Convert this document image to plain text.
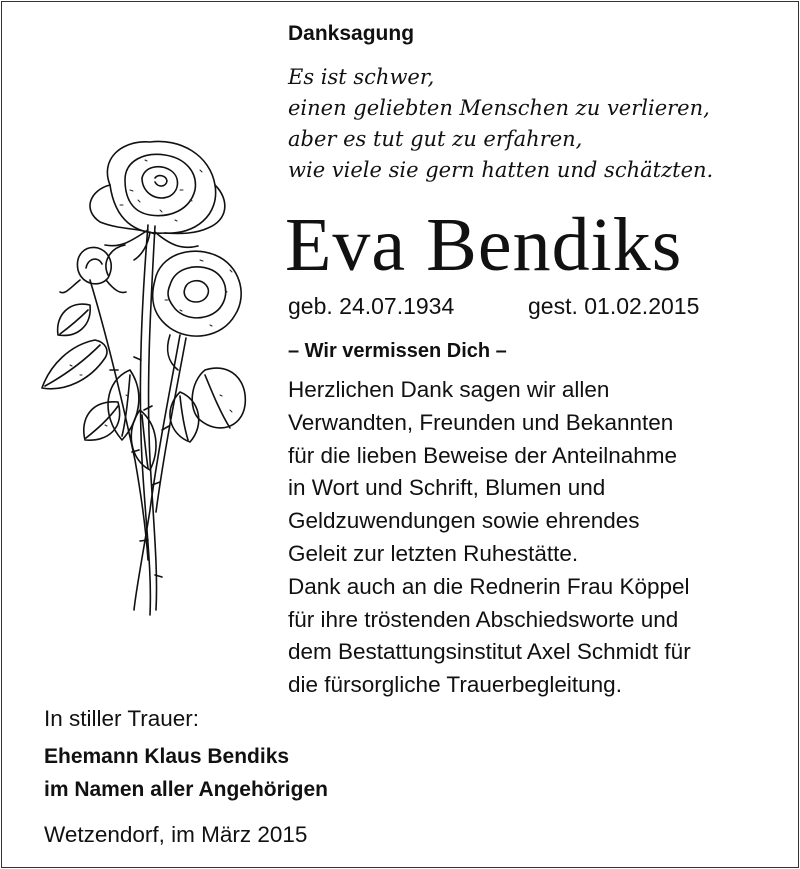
Danksagung
Es ist schwer,
einen geliebten Menschen zu verlieren,
aber es tut gut zu erfahren,
wie viele sie gern hatten und schätzten.
Eva Bendiks
geb. 24.07.1934	gest. 01.02.2015
– Wir vermissen Dich –
Herzlichen Dank sagen wir allen
Verwandten, Freunden und Bekannten
für die lieben Beweise der Anteilnahme
in Wort und Schrift, Blumen und
Geldzuwendungen sowie ehrendes
Geleit zur letzten Ruhestätte.
Dank auch an die Rednerin Frau Köppel
für ihre tröstenden Abschiedsworte und
dem Bestattungsinstitut Axel Schmidt für
die fürsorgliche Trauerbegleitung.
In stiller Trauer:
Ehemann Klaus Bendiks
im Namen aller Angehörigen
Wetzendorf, im März 2015
